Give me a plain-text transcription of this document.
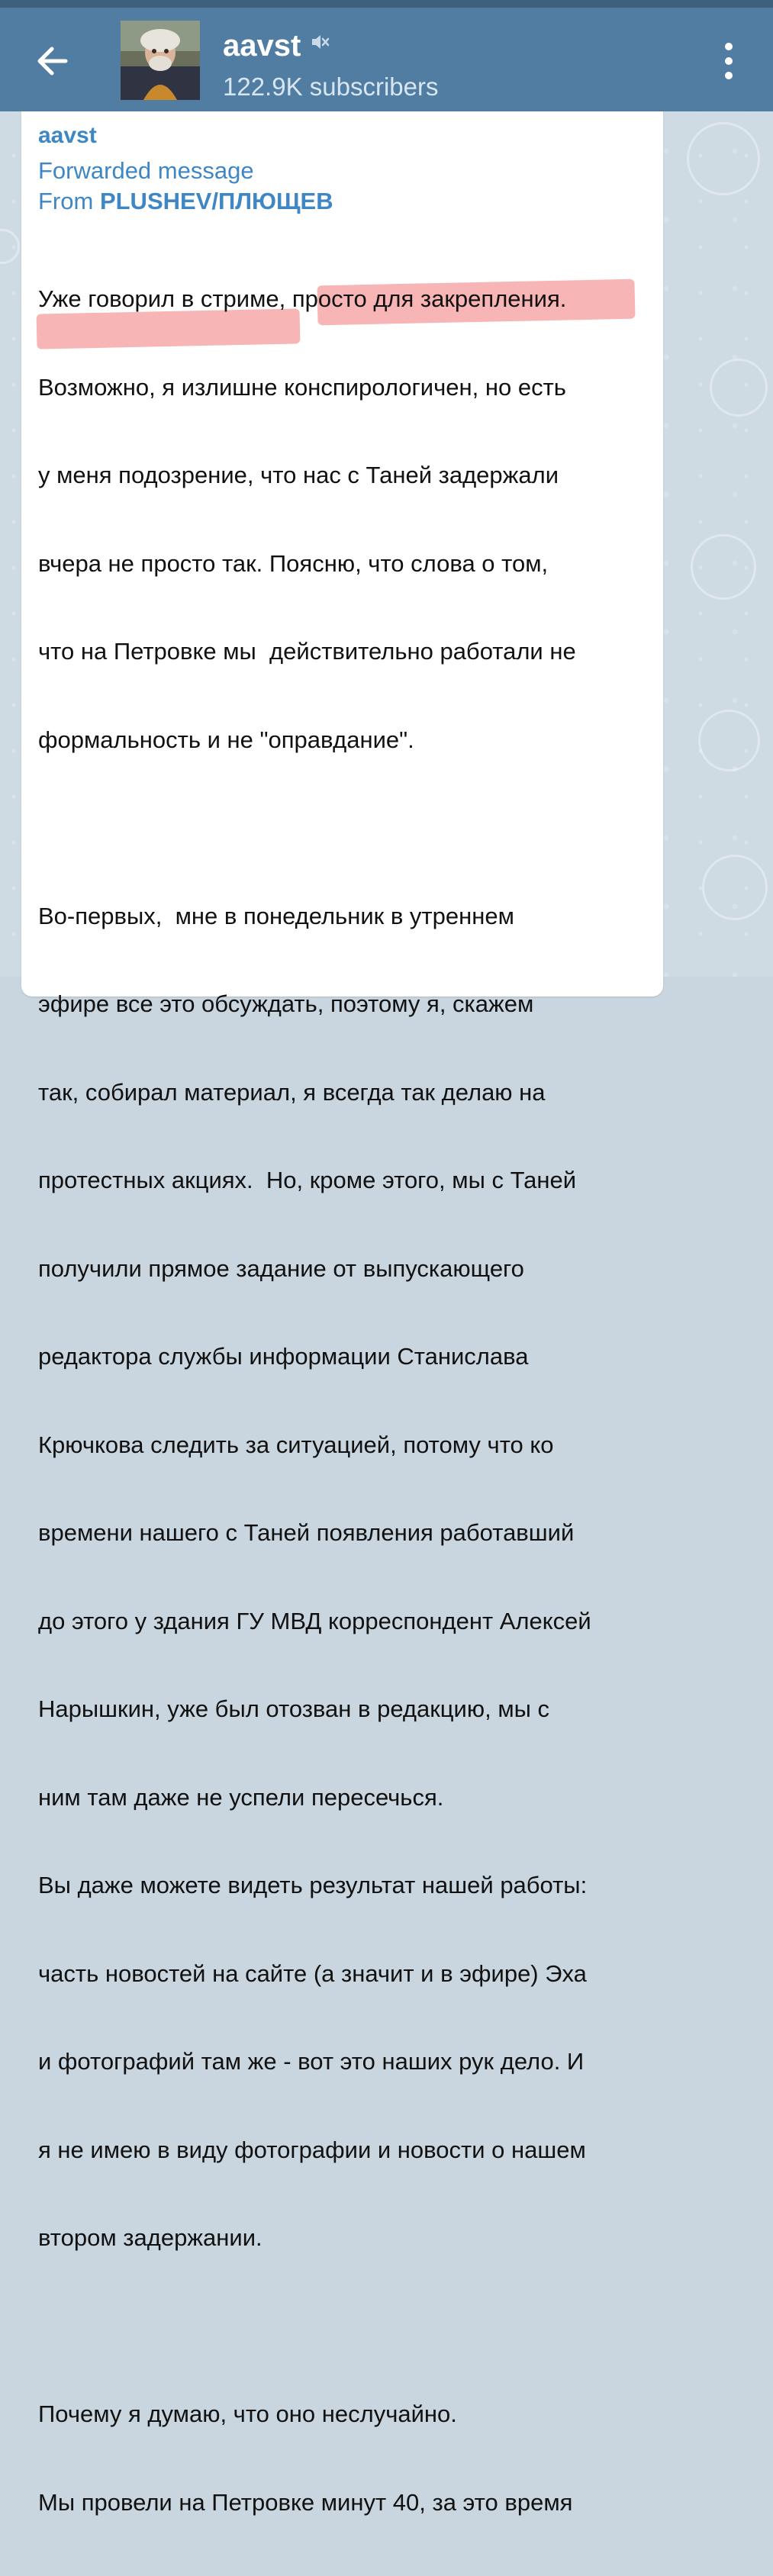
aavst
122.9K subscribers
aavst
Forwarded message
From PLUSHEV/ПЛЮЩЕВ

Уже говорил в стриме, просто для закрепления.

Возможно, я излишне конспирологичен, но есть

у меня подозрение, что нас с Таней задержали

вчера не просто так. Поясню, что слова о том,

что на Петровке мы  действительно работали не

формальность и не "оправдание".

Во-первых,  мне в понедельник в утреннем

эфире все это обсуждать, поэтому я, скажем

так, собирал материал, я всегда так делаю на

протестных акциях.  Но, кроме этого, мы с Таней

получили прямое задание от выпускающего

редактора службы информации Станислава

Крючкова следить за ситуацией, потому что ко

времени нашего с Таней появления работавший

до этого у здания ГУ МВД корреспондент Алексей

Нарышкин, уже был отозван в редакцию, мы с

ним там даже не успели пересечься.

Вы даже можете видеть результат нашей работы:

часть новостей на сайте (а значит и в эфире) Эха

и фотографий там же - вот это наших рук дело. И

я не имею в виду фотографии и новости о нашем

втором задержании.

Почему я думаю, что оно неслучайно.

Мы провели на Петровке минут 40, за это время
